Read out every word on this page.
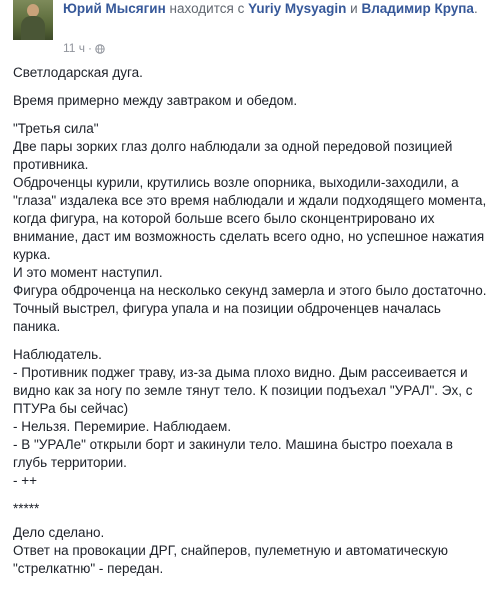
Юрий Мысягин находится с Yuriy Mysyagin и Владимир Крупа.
11 ч ·

Светлодарская дуга.

Время примерно между завтраком и обедом.

"Третья сила"
Две пары зорких глаз долго наблюдали за одной передовой позицией противника.
Обдроченцы курили, крутились возле опорника, выходили-заходили, а "глаза" издалека все это время наблюдали и ждали подходящего момента, когда фигура, на которой больше всего было сконцентрировано их внимание, даст им возможность сделать всего одно, но успешное нажатия курка.
И это момент наступил.
Фигура обдроченца на несколько секунд замерла и этого было достаточно. Точный выстрел, фигура упала и на позиции обдроченцев началась паника.

Наблюдатель.
- Противник поджег траву, из-за дыма плохо видно. Дым рассеивается и видно как за ногу по земле тянут тело. К позиции подъехал "УРАЛ". Эх, с ПТУРа бы сейчас)
- Нельзя. Перемирие. Наблюдаем.
- В "УРАЛе" открыли борт и закинули тело. Машина быстро поехала в глубь территории.
- ++

*****

Дело сделано.
Ответ на провокации ДРГ, снайперов, пулеметную и автоматическую "стрелкатню" - передан.
